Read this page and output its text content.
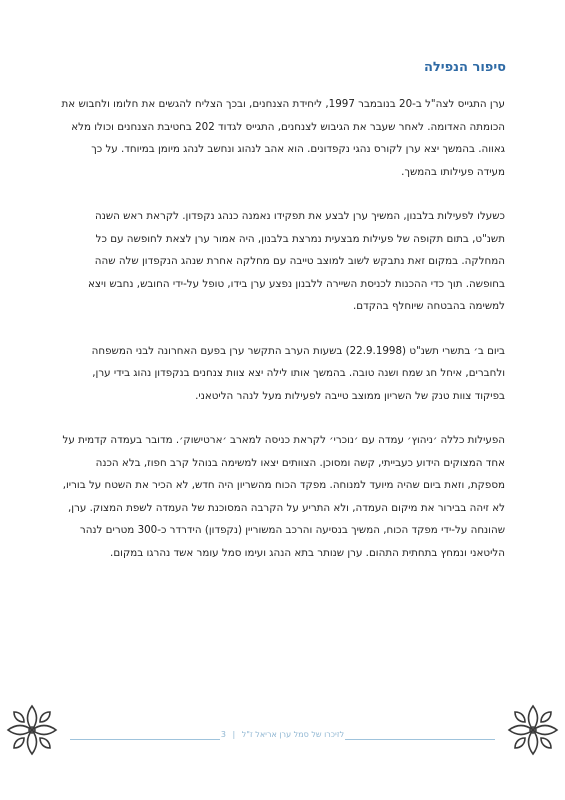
סיפור הנפילה

ערן התגייס לצה"ל ב-20 בנובמבר 1997, ליחידת הצנחנים, ובכך הצליח להגשים את חלומו ולחבוש את הכומתה האדומה. לאחר שעבר את הגיבוש לצנחנים, התגייס לגדוד 202 בחטיבת הצנחנים וכולו מלא גאווה. בהמשך יצא ערן לקורס נהגי נקפדונים. הוא אהב לנהוג ונחשב לנהג מיומן במיוחד. על כך מעידה פעילותו בהמשך.

כשעלו לפעילות בלבנון, המשיך ערן לבצע את תפקידו נאמנה כנהג נקפדון. לקראת ראש השנה תשנ"ט, בתום תקופה של פעילות מבצעית נמרצת בלבנון, היה אמור ערן לצאת לחופשה עם כל המחלקה. במקום זאת נתבקש לשוב למוצב טייבה עם מחלקה אחרת שנהג הנקפדון שלה שהה בחופשה. תוך כדי ההכנות לכניסת השיירה ללבנון נפצע ערן בידו, טופל על-ידי החובש, נחבש ויצא למשימה בהבטחה שיוחלף בהקדם.

ביום ב׳ בתשרי תשנ"ט (22.9.1998) בשעות הערב התקשר ערן בפעם האחרונה לבני המשפחה ולחברים, איחל חג שמח ושנה טובה. בהמשך אותו לילה יצא צוות צנחנים בנקפדון נהוג בידי ערן, בפיקוד צוות טנק של השריון ממוצב טייבה לפעילות מעל לנהר הליטאני.

הפעילות כללה ׳ניהוץ׳ עמדה עם ׳נוכרי׳ לקראת כניסה למארב ׳ארטישוק׳. מדובר בעמדה קדמית על אחד המצוקים הידוע כעבייתי, קשה ומסוכן. הצוותים יצאו למשימה בנוהל קרב חפוז, בלא הכנה מספקת, וזאת ביום שהיה מיועד למנוחה. מפקד הכוח מהשריון היה חדש, לא הכיר את השטח על בוריו, לא זיהה בבירור את מיקום העמדה, ולא התריע על הקרבה המסוכנת של העמדה לשפת המצוק. ערן, שהונחה על-ידי מפקד הכוח, המשיך בנסיעה והרכב המשוריין (נקפדון) הידרדר כ-300 מטרים לנהר הליטאני ונמחץ בתחתית התהום. ערן שנותר בתא הנהג ועימו סמל עומר אשד נהרגו במקום.

לזיכרו של סמל ערן אריאל ז"ל | 3
